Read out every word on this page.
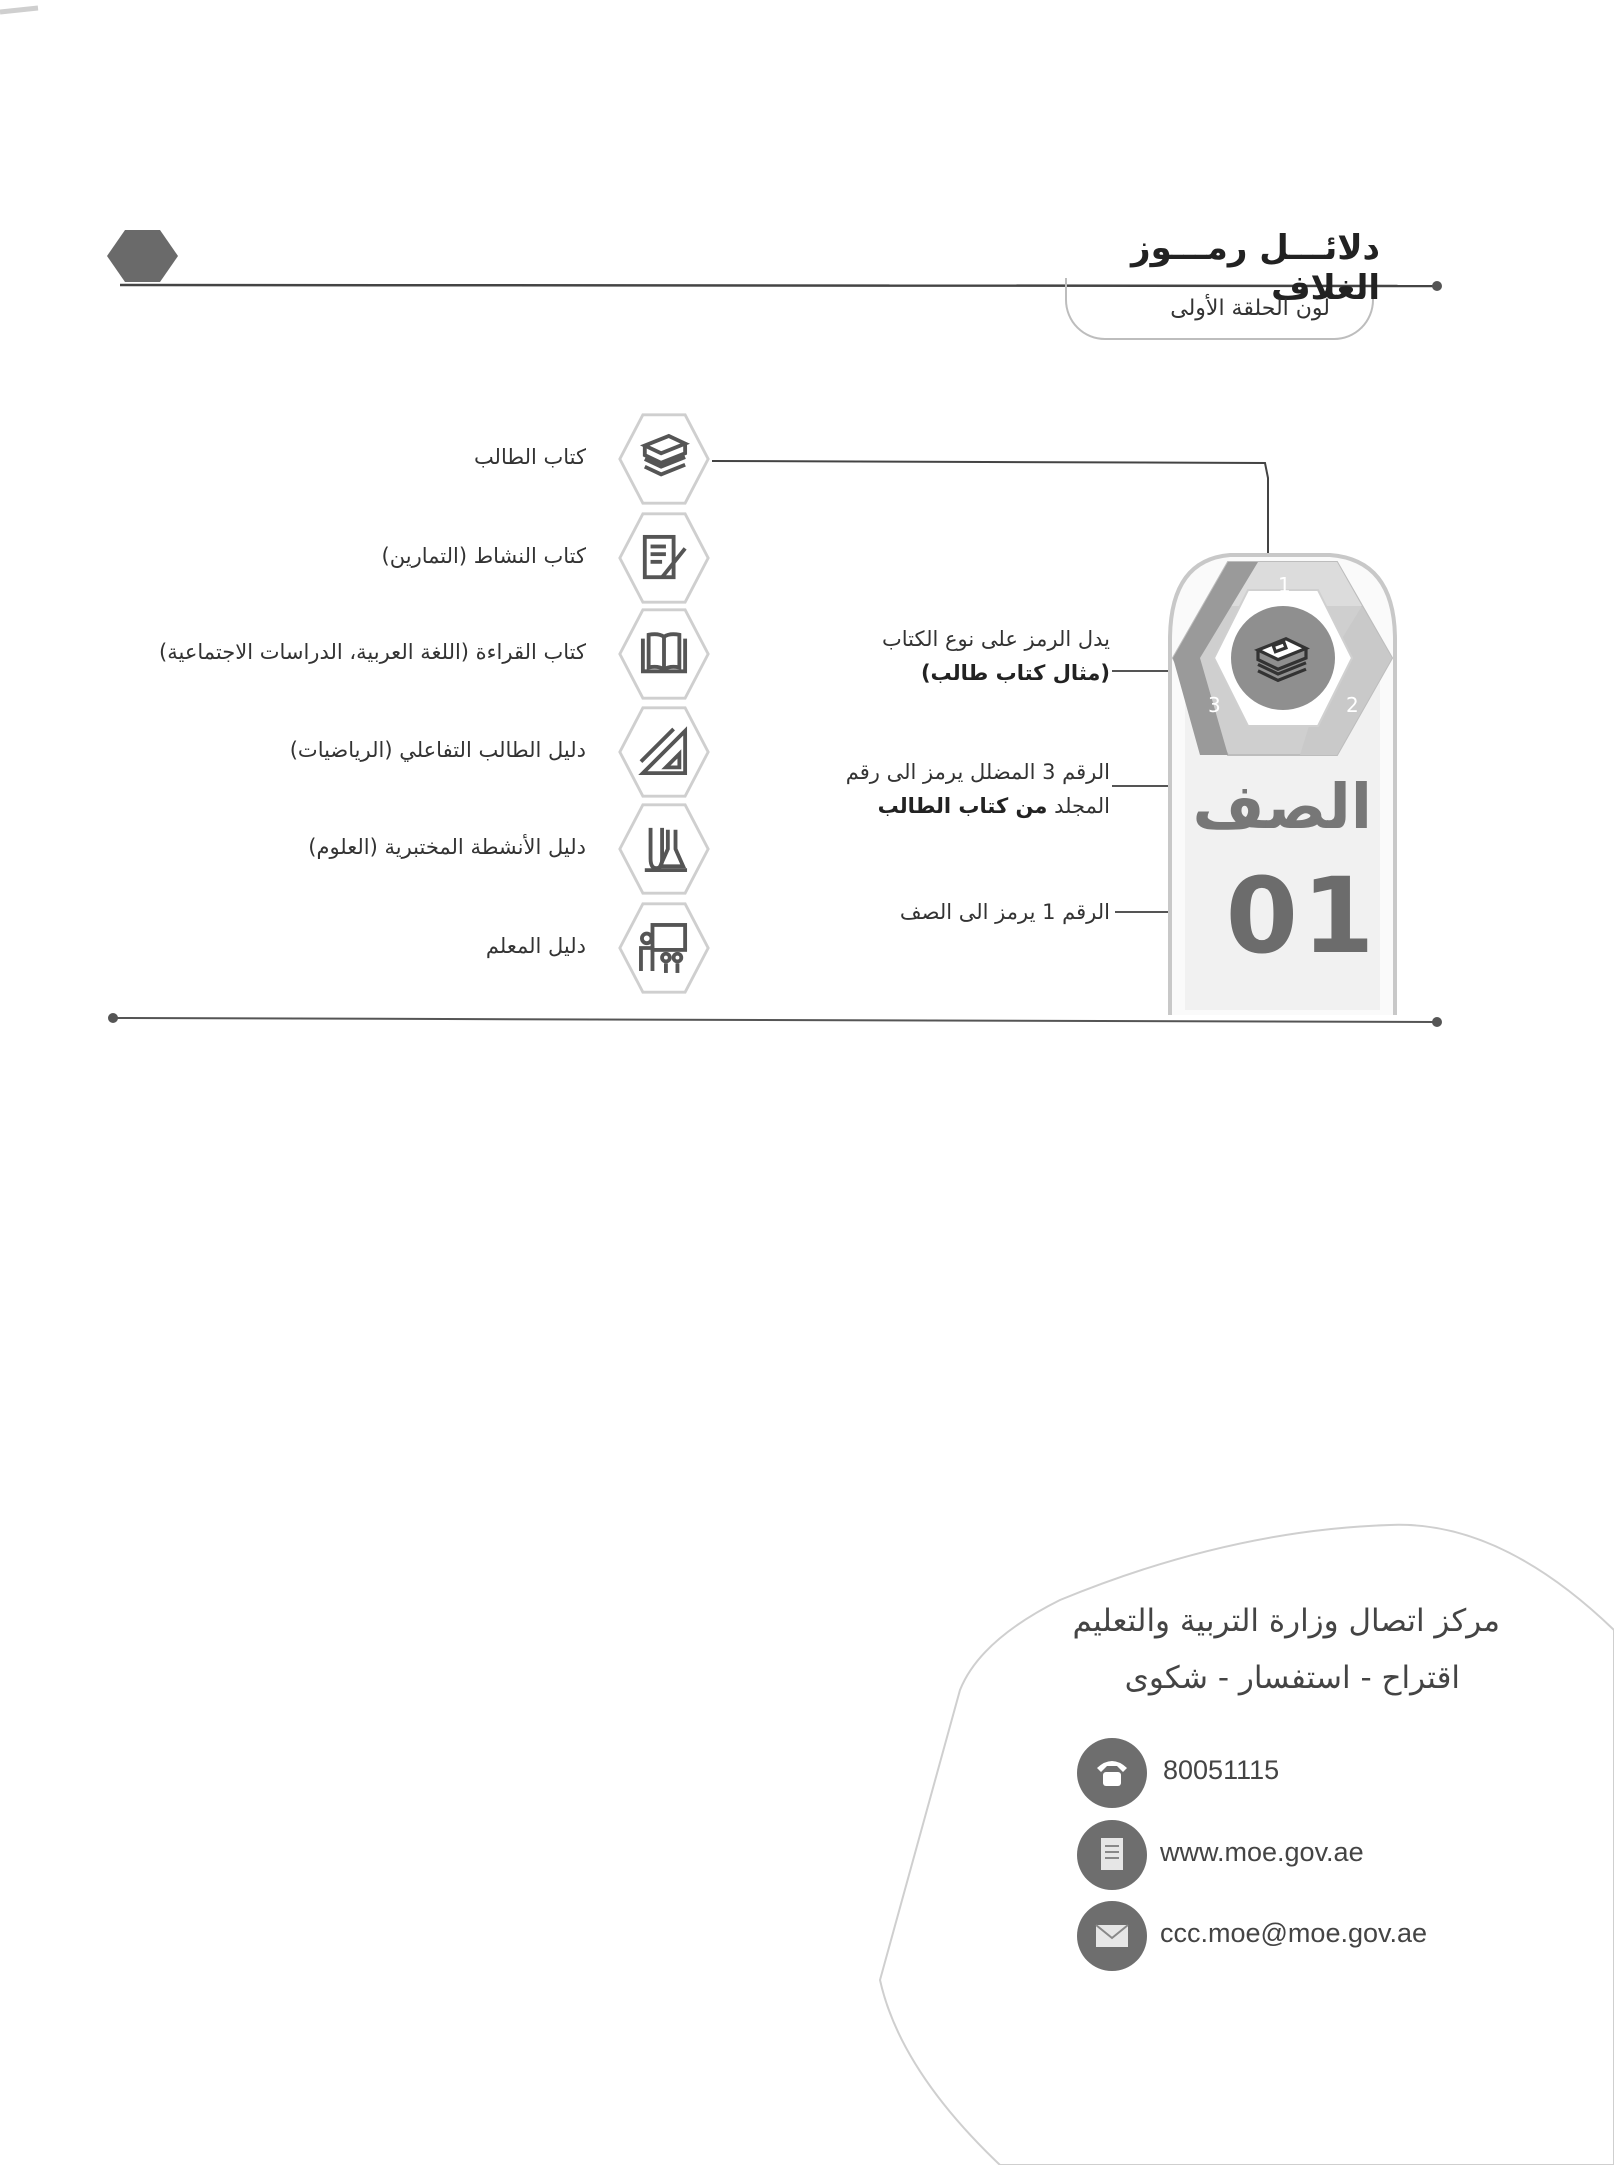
دلائـــل رمـــوز الغلاف
لون الحلقة الأولى
كتاب الطالب
كتاب النشاط (التمارين)
كتاب القراءة (اللغة العربية، الدراسات الاجتماعية)
دليل الطالب التفاعلي (الرياضيات)
دليل الأنشطة المختبرية (العلوم)
دليل المعلم
يدل الرمز على نوع الكتاب
(مثال كتاب طالب)
الرقم 3 المضلل يرمز الى رقم
المجلد من كتاب الطالب
الرقم 1 يرمز الى الصف
1
2
3
الصف
01
مركز اتصال وزارة التربية والتعليم
اقتراح - استفسار - شكوى
80051115
www.moe.gov.ae
ccc.moe@moe.gov.ae
